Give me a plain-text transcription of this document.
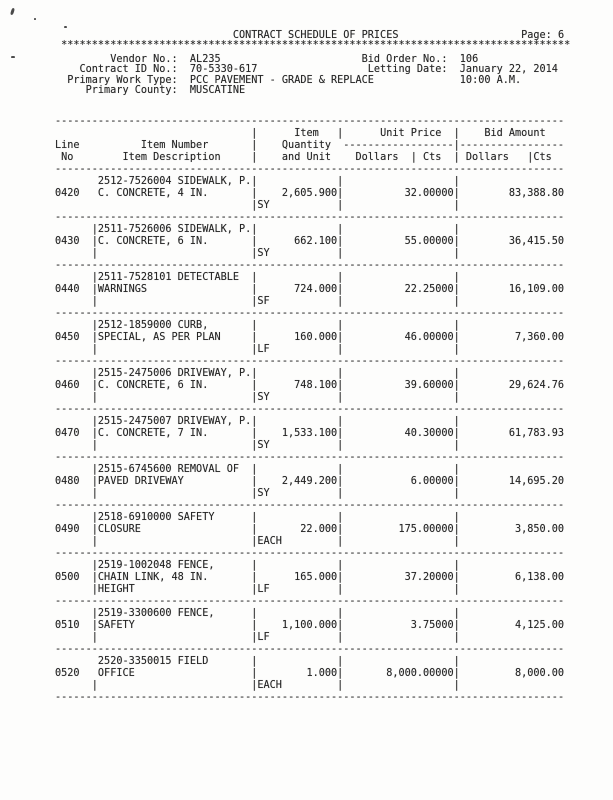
CONTRACT SCHEDULE OF PRICES

	Page:

6

***********************************************************************************

Vendor No.:

AL235

	Bid Order No.:

106

Contract ID No.:

70-5330-617

	Letting Date:

January 22, 2014

Primary Work Type:

PCC PAVEMENT - GRADE & REPLACE

	10:00 A.M.

Primary County:

MUSCATINE

-----------------------------------------------------------------------------------
|	Item |	Unit Price | Bid Amount
Line	Item Number	| Quantity ------------------ | -----------------
No	Item Description	| and Unit Dollars | Cts | Dollars | Cts
-----------------------------------------------------------------------------------
2512-7526004 SIDEWALK, P. |	|	|
0420 C. CONCRETE, 4 IN.	|	2,605.900 |	32.00000 |	83,388.80
| SY	|	|
-----------------------------------------------------------------------------------
| 2511-7526006 SIDEWALK, P. |	|	|
0430 | C. CONCRETE, 6 IN.	|	662.100 |	55.00000 |	36,415.50
|	| SY	|	|
-----------------------------------------------------------------------------------
| 2511-7528101 DETECTABLE |	|	|
0440 | WARNINGS	|	724.000 |	22.25000 |	16,109.00
|	| SF	|	|
-----------------------------------------------------------------------------------
| 2512-1859000 CURB,	|	|	|
0450 | SPECIAL, AS PER PLAN	|	160.000 |	46.00000 |	7,360.00
|	| LF	|	|
-----------------------------------------------------------------------------------
| 2515-2475006 DRIVEWAY, P. |	|	|
0460 | C. CONCRETE, 6 IN.	|	748.100 |	39.60000 |	29,624.76
|	| SY	|	|
-----------------------------------------------------------------------------------
| 2515-2475007 DRIVEWAY, P. |	|	|
0470 | C. CONCRETE, 7 IN.	|	1,533.100 |	40.30000 |	61,783.93
|	| SY	|	|
-----------------------------------------------------------------------------------
| 2515-6745600 REMOVAL OF |	|	|
0480 | PAVED DRIVEWAY	|	2,449.200 |	6.00000 |	14,695.20
|	| SY	|	|
-----------------------------------------------------------------------------------
| 2518-6910000 SAFETY	|	|	|
0490 | CLOSURE	|	22.000 |	175.00000 |	3,850.00
|	| EACH	|	|
-----------------------------------------------------------------------------------
| 2519-1002048 FENCE,	|	|	|
0500 | CHAIN LINK, 48 IN.	|	165.000 |	37.20000 |	6,138.00
| HEIGHT	| LF	|	|
-----------------------------------------------------------------------------------
| 2519-3300600 FENCE,	|	|	|
0510 | SAFETY	|	1,100.000 |	3.75000 |	4,125.00
|	| LF	|	|
-----------------------------------------------------------------------------------
2520-3350015 FIELD	|	|	|
0520 OFFICE	|	1.000 |	8,000.00000 |	8,000.00
|	| EACH	|	|
-----------------------------------------------------------------------------------
